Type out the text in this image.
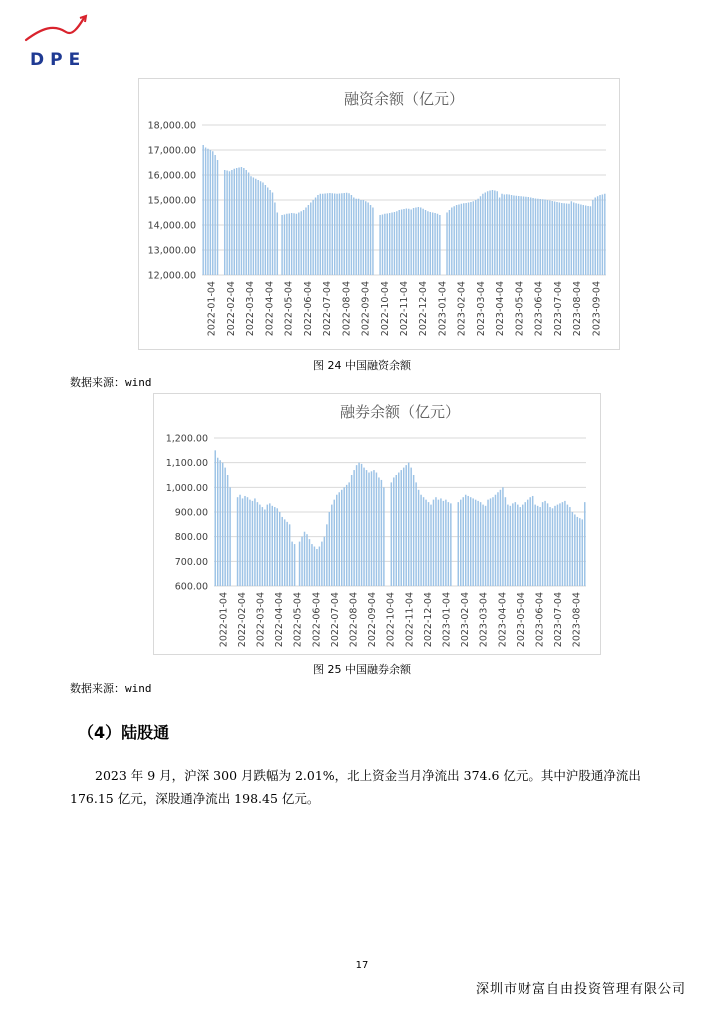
DPE
融资余额（亿元）
12,000.00
13,000.00
14,000.00
15,000.00
16,000.00
17,000.00
18,000.00
2022-01-04 2022-02-04 2022-03-04 2022-04-04 2022-05-04 2022-06-04 2022-07-04 2022-08-04 2022-09-04 2022-10-04 2022-11-04 2022-12-04 2023-01-04 2023-02-04 2023-03-04 2023-04-04 2023-05-04 2023-06-04 2023-07-04 2023-08-04 2023-09-04
图 24 中国融资余额
数据来源：wind
融券余额（亿元）
600.00
700.00
800.00
900.00
1,000.00
1,100.00
1,200.00
2022-01-04 2022-02-04 2022-03-04 2022-04-04 2022-05-04 2022-06-04 2022-07-04 2022-08-04 2022-09-04 2022-10-04 2022-11-04 2022-12-04 2023-01-04 2023-02-04 2023-03-04 2023-04-04 2023-05-04 2023-06-04 2023-07-04 2023-08-04
图 25 中国融券余额
数据来源：wind
（4）陆股通
2023 年 9 月，沪深 300 月跌幅为 2.01%，北上资金当月净流出 374.6 亿元。其中沪股通净流出 176.15 亿元，深股通净流出 198.45 亿元。
17
深圳市财富自由投资管理有限公司
